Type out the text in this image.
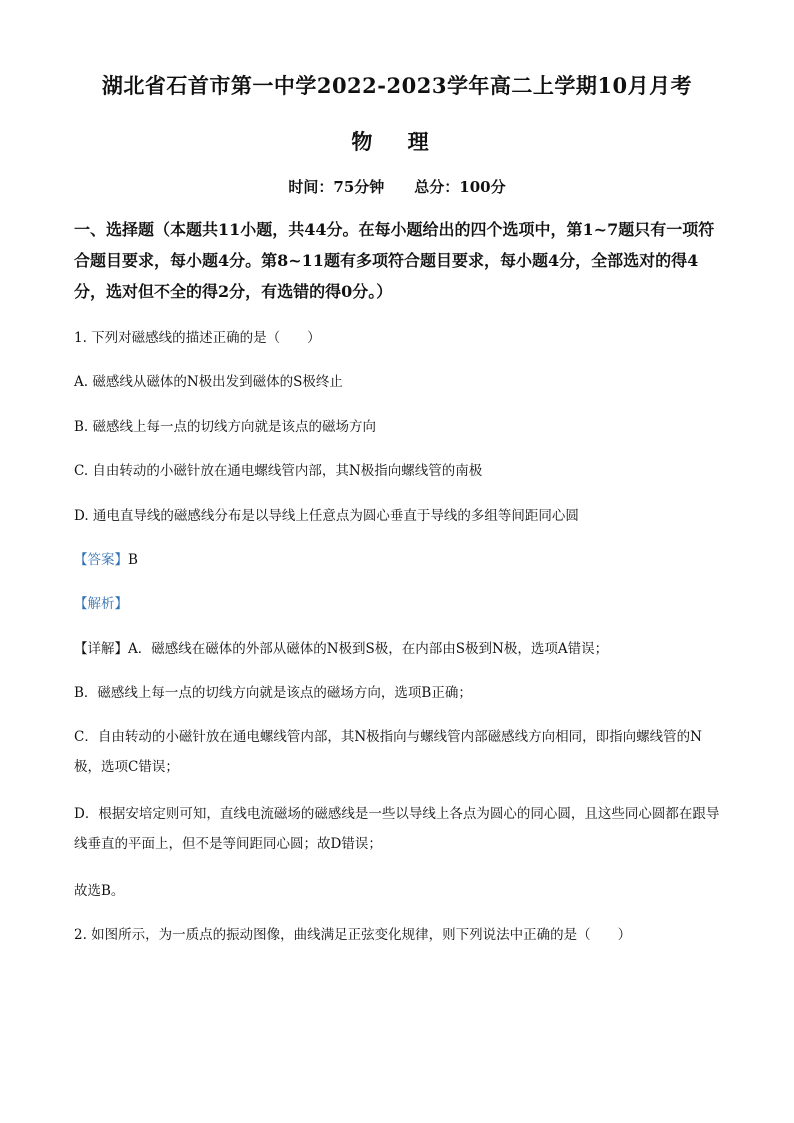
湖北省石首市第一中学2022-2023学年高二上学期10月月考
物 理
时间：75分钟 总分：100分
一、选择题（本题共11小题，共44分。在每小题给出的四个选项中，第1~7题只有一项符合题目要求，每小题4分。第8~11题有多项符合题目要求，每小题4分，全部选对的得4分，选对但不全的得2分，有选错的得0分。）
1. 下列对磁感线的描述正确的是（　　）
A. 磁感线从磁体的N极出发到磁体的S极终止
B. 磁感线上每一点的切线方向就是该点的磁场方向
C. 自由转动的小磁针放在通电螺线管内部，其N极指向螺线管的南极
D. 通电直导线的磁感线分布是以导线上任意点为圆心垂直于导线的多组等间距同心圆
【答案】B
【解析】
【详解】A．磁感线在磁体的外部从磁体的N极到S极，在内部由S极到N极，选项A错误；
B．磁感线上每一点的切线方向就是该点的磁场方向，选项B正确；
C．自由转动的小磁针放在通电螺线管内部，其N极指向与螺线管内部磁感线方向相同，即指向螺线管的N极，选项C错误；
D．根据安培定则可知，直线电流磁场的磁感线是一些以导线上各点为圆心的同心圆，且这些同心圆都在跟导线垂直的平面上，但不是等间距同心圆；故D错误；
故选B。
2. 如图所示，为一质点的振动图像，曲线满足正弦变化规律，则下列说法中正确的是（　　）
